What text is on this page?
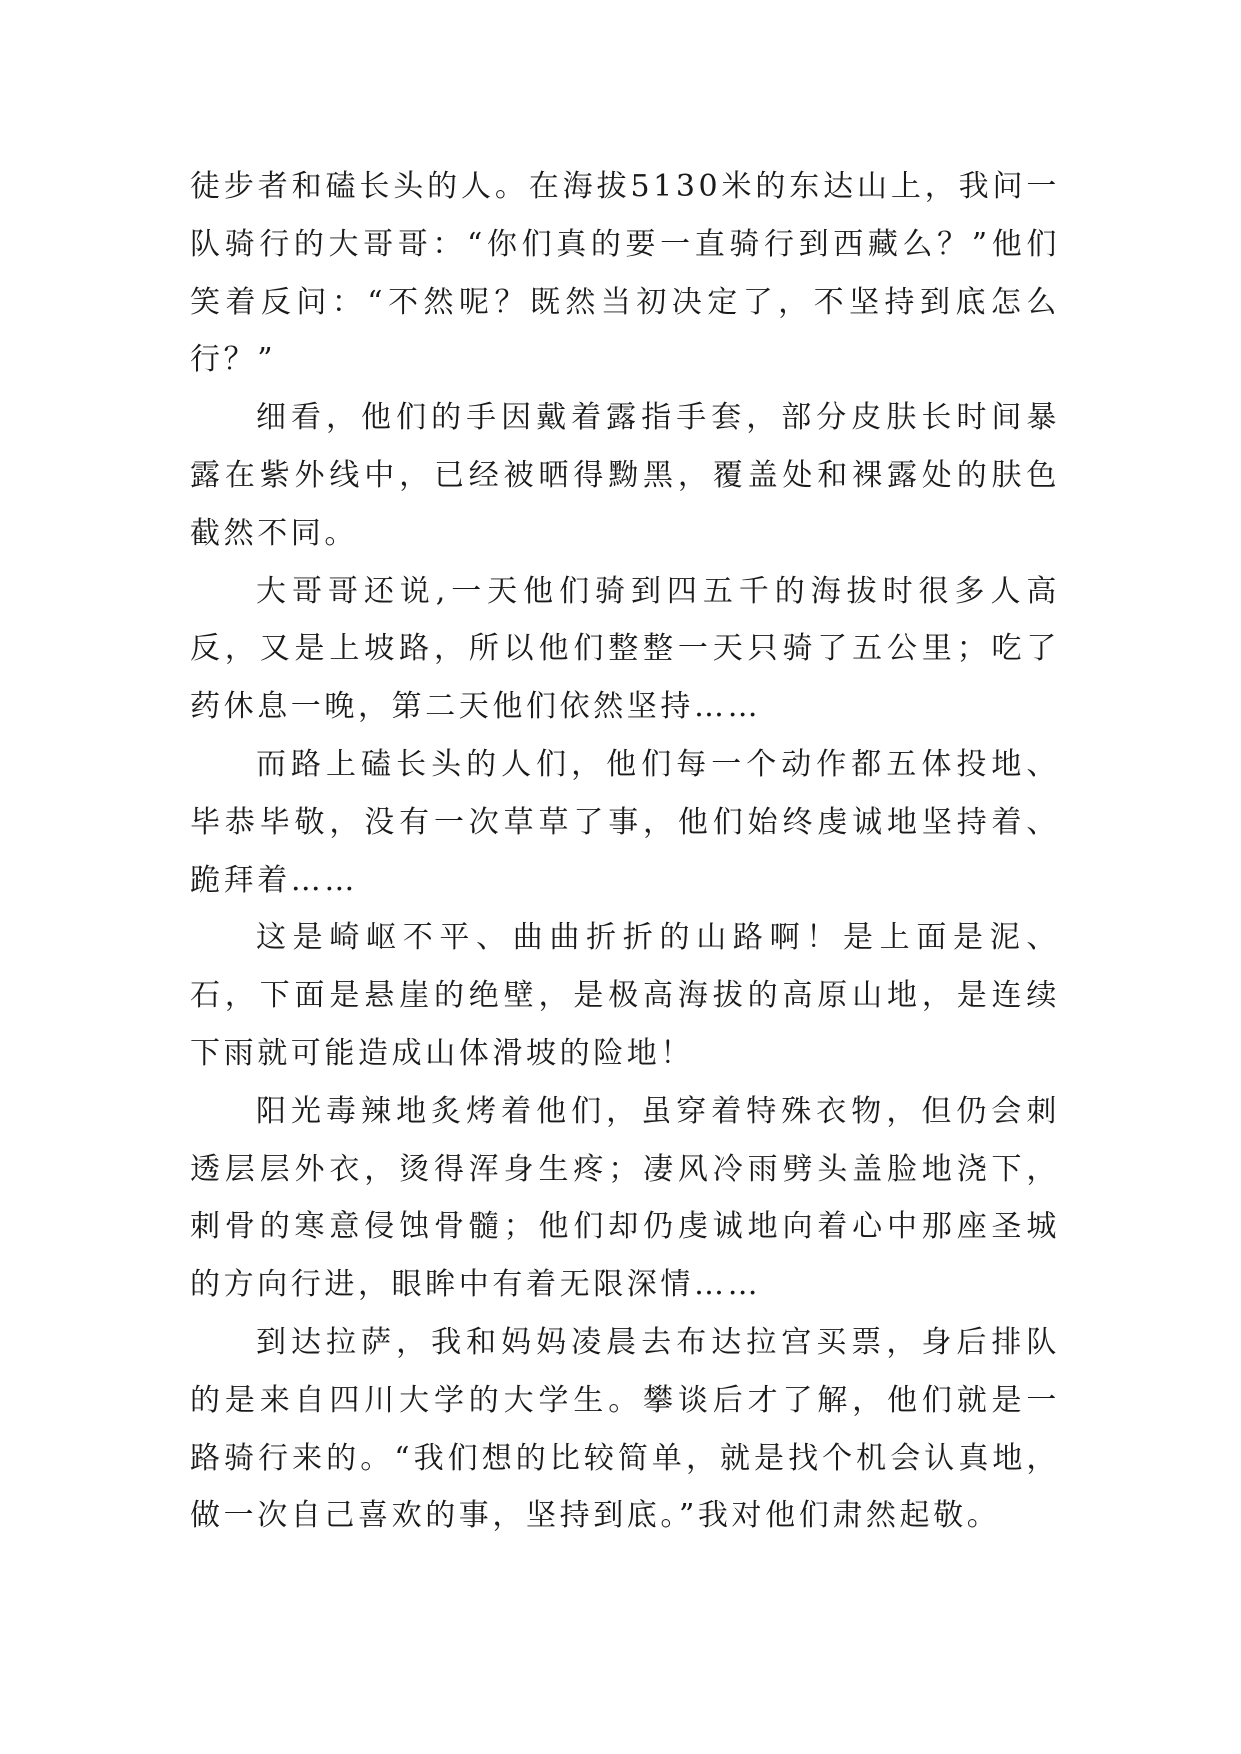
徒步者和磕长头的人。在海拔5130米的东达山上，我问一队骑行的大哥哥：“你们真的要一直骑行到西藏么？”他们笑着反问：“不然呢？既然当初决定了，不坚持到底怎么行？”

细看，他们的手因戴着露指手套，部分皮肤长时间暴露在紫外线中，已经被晒得黝黑，覆盖处和裸露处的肤色截然不同。

大哥哥还说,一天他们骑到四五千的海拔时很多人高反，又是上坡路，所以他们整整一天只骑了五公里；吃了药休息一晚，第二天他们依然坚持……

而路上磕长头的人们，他们每一个动作都五体投地、毕恭毕敬，没有一次草草了事，他们始终虔诚地坚持着、跪拜着……

这是崎岖不平、曲曲折折的山路啊！是上面是泥、石，下面是悬崖的绝壁，是极高海拔的高原山地，是连续下雨就可能造成山体滑坡的险地！

阳光毒辣地炙烤着他们，虽穿着特殊衣物，但仍会刺透层层外衣，烫得浑身生疼；凄风冷雨劈头盖脸地浇下，刺骨的寒意侵蚀骨髓；他们却仍虔诚地向着心中那座圣城的方向行进，眼眸中有着无限深情……

到达拉萨，我和妈妈凌晨去布达拉宫买票，身后排队的是来自四川大学的大学生。攀谈后才了解，他们就是一路骑行来的。“我们想的比较简单，就是找个机会认真地，做一次自己喜欢的事，坚持到底。”我对他们肃然起敬。
